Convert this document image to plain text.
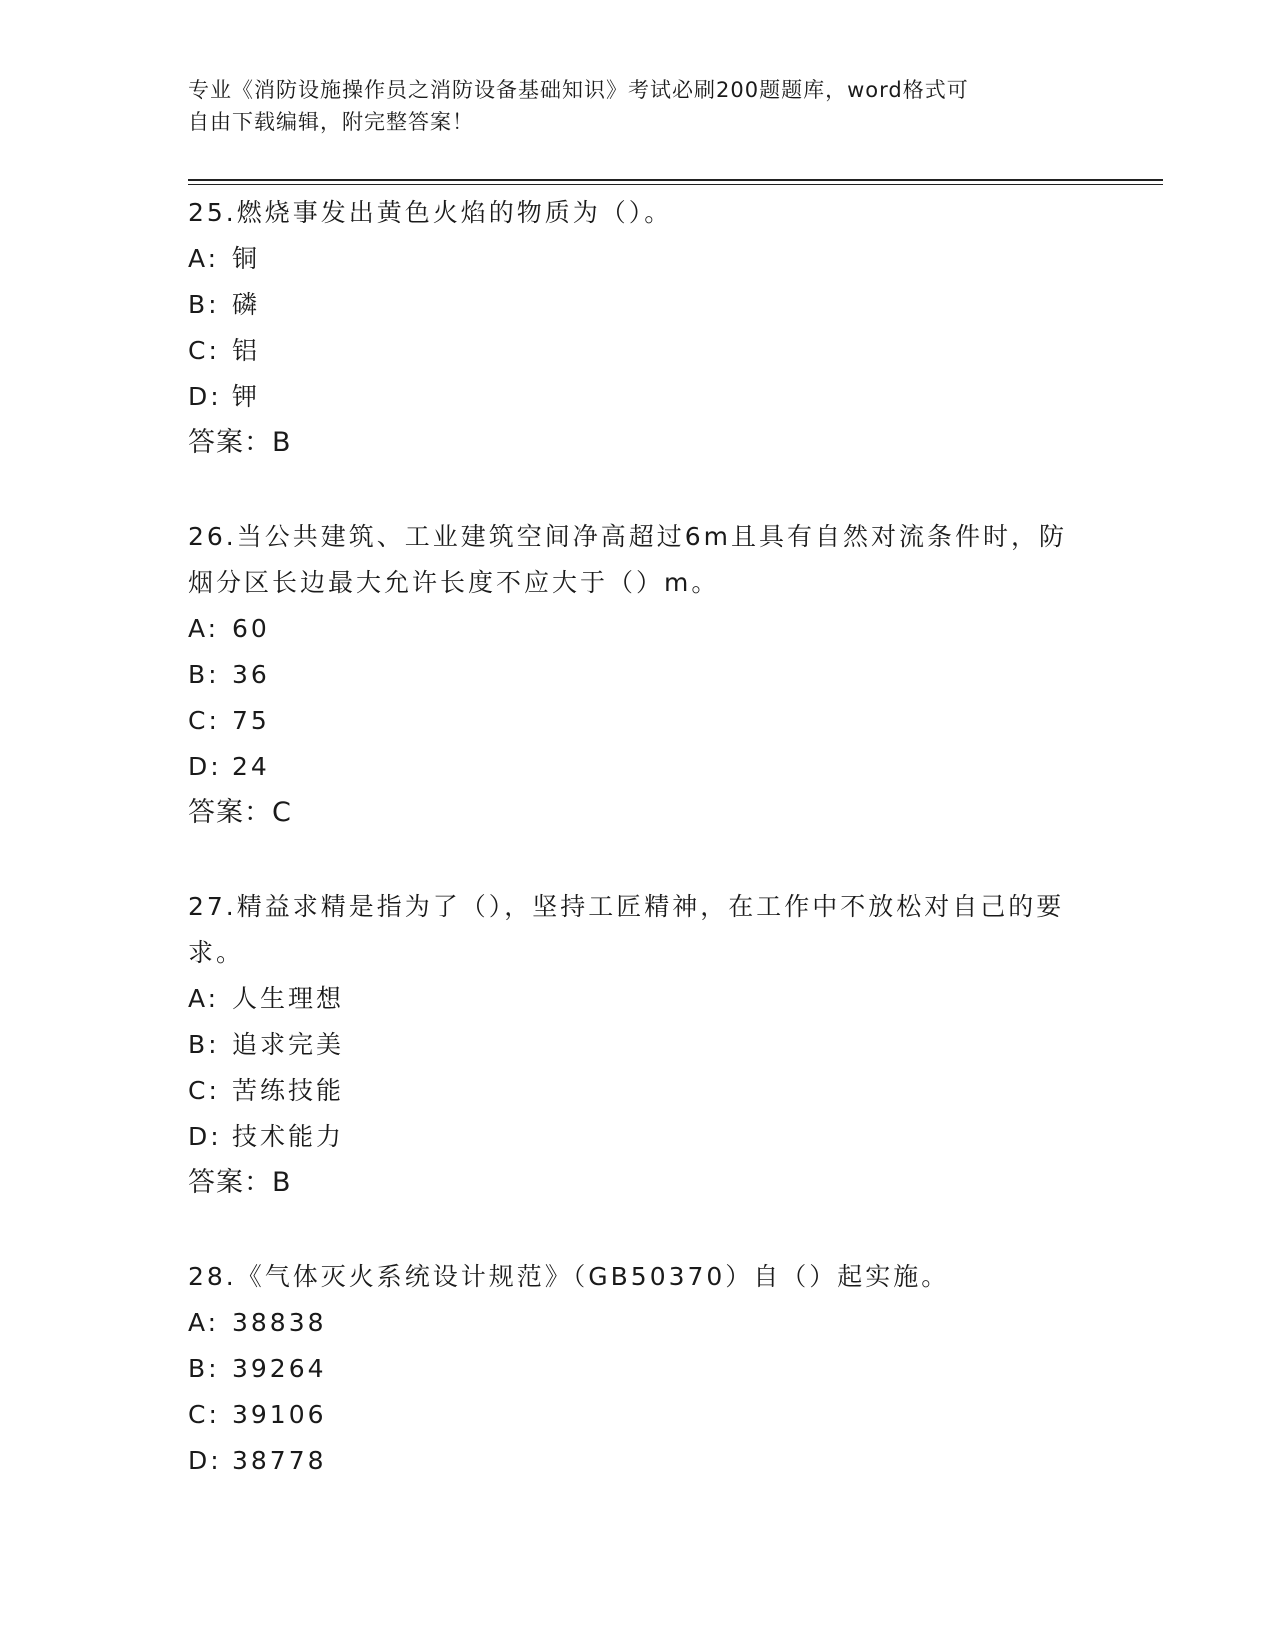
专业《消防设施操作员之消防设备基础知识》考试必刷200题题库，word格式可
自由下载编辑，附完整答案！

25.燃烧事发出黄色火焰的物质为（）。

A: 铜
B: 磷
C: 铝
D: 钾
答案：B

26.当公共建筑、工业建筑空间净高超过6m且具有自然对流条件时，防烟分区长边最大允许长度不应大于（）m。

A: 60
B: 36
C: 75
D: 24
答案：C

27.精益求精是指为了（），坚持工匠精神，在工作中不放松对自己的要求。

A: 人生理想
B: 追求完美
C: 苦练技能
D: 技术能力
答案：B

28.《气体灭火系统设计规范》（GB50370）自（）起实施。

A: 38838
B: 39264
C: 39106
D: 38778
